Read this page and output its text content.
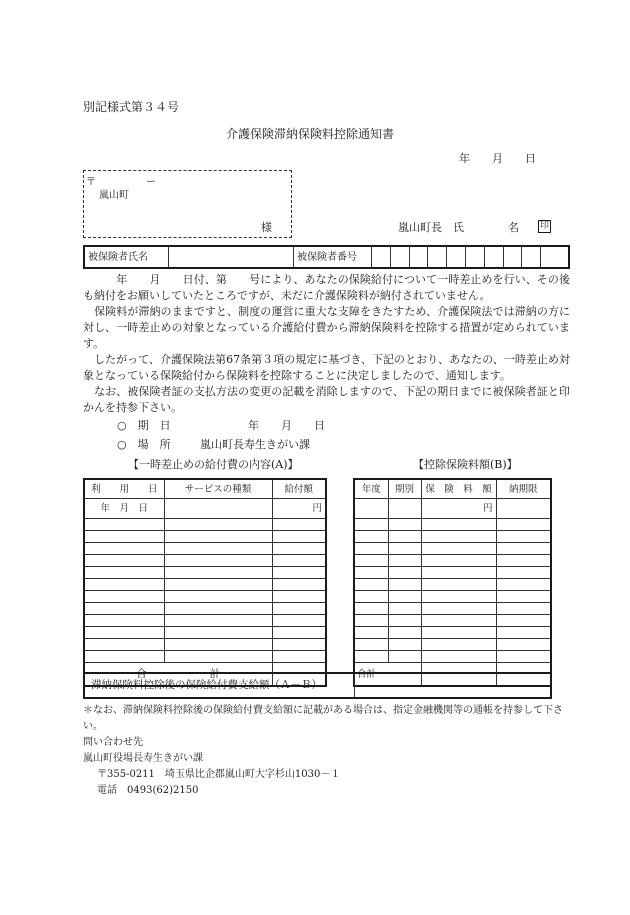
別記様式第３４号
介護保険滞納保険料控除通知書
年　　月　　日
〒　　　　　ー
嵐山町
様	嵐山町長　氏　　　　名 印
被保険者氏名		被保険者番号										
　　　年　　月　　日付、第　　号により、あなたの保険給付について一時差止めを行い、その後も納付をお願いしていたところですが、未だに介護保険料が納付されていません。
　保険料が滞納のままですと、制度の運営に重大な支障をきたすため、介護保険法では滞納の方に対し、一時差止めの対象となっている介護給付費から滞納保険料を控除する措置が定められています。
　したがって、介護保険法第67条第３項の規定に基づき、下記のとおり、あなたの、一時差止め対象となっている保険給付から保険料を控除することに決定しましたので、通知します。
　なお、被保険者証の支払方法の変更の記載を消除しますので、下記の期日までに被保険者証と印かんを持参下さい。
○　期　日	年　　月　　日
○　場　所	嵐山町長寿生きがい課
【一時差止めの給付費の内容(A)】	【控除保険料額(B)】
利　　用　　日	サービスの種類	給付額
年　月　日		円

合　　　　　　計		
年度	期別	保　険　料　額	納期限
		円	

合計			
滞納保険料控除後の保険給付費支給額（Ａ－Ｂ）	
＊なお、滞納保険料控除後の保険給付費支給額に記載がある場合は、指定金融機関等の通帳を持参して下さい。
問い合わせ先
嵐山町役場長寿生きがい課
〒355-0211　埼玉県比企郡嵐山町大字杉山1030－１
電話　0493(62)2150
